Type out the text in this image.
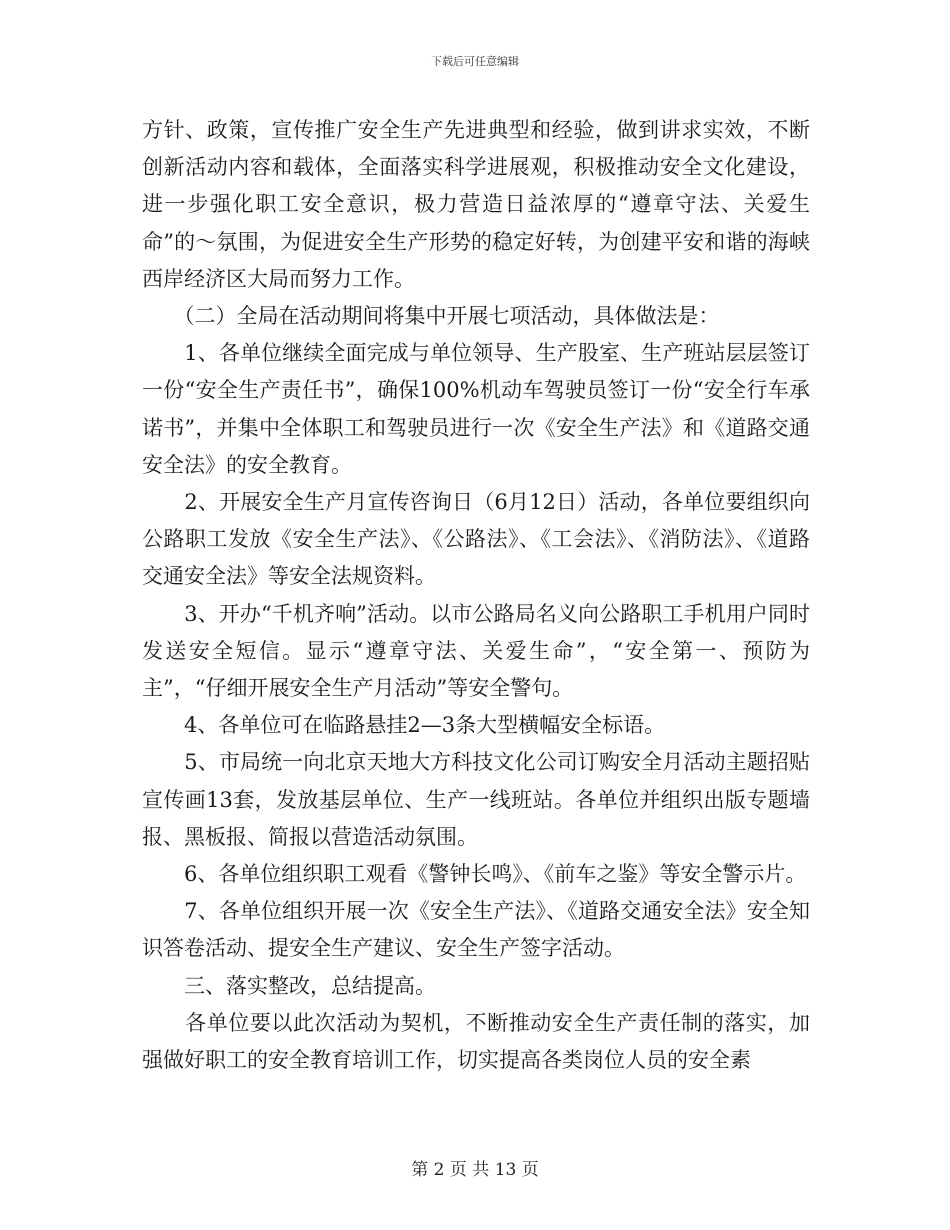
下载后可任意编辑

方针、政策，宣传推广安全生产先进典型和经验，做到讲求实效，不断创新活动内容和载体，全面落实科学进展观，积极推动安全文化建设，进一步强化职工安全意识，极力营造日益浓厚的“遵章守法、关爱生命”的～氛围，为促进安全生产形势的稳定好转，为创建平安和谐的海峡西岸经济区大局而努力工作。

　　（二）全局在活动期间将集中开展七项活动，具体做法是：

　　1、各单位继续全面完成与单位领导、生产股室、生产班站层层签订一份“安全生产责任书”，确保100%机动车驾驶员签订一份“安全行车承诺书”，并集中全体职工和驾驶员进行一次《安全生产法》和《道路交通安全法》的安全教育。

　　2、开展安全生产月宣传咨询日（6月12日）活动，各单位要组织向公路职工发放《安全生产法》、《公路法》、《工会法》、《消防法》、《道路交通安全法》等安全法规资料。

　　3、开办“千机齐响”活动。以市公路局名义向公路职工手机用户同时发送安全短信。显示“遵章守法、关爱生命”，“安全第一、预防为主”，“仔细开展安全生产月活动”等安全警句。

　　4、各单位可在临路悬挂2—3条大型横幅安全标语。

　　5、市局统一向北京天地大方科技文化公司订购安全月活动主题招贴宣传画13套，发放基层单位、生产一线班站。各单位并组织出版专题墙报、黑板报、简报以营造活动氛围。

　　6、各单位组织职工观看《警钟长鸣》、《前车之鉴》等安全警示片。

　　7、各单位组织开展一次《安全生产法》、《道路交通安全法》安全知识答卷活动、提安全生产建议、安全生产签字活动。

　　三、落实整改，总结提高。

　　各单位要以此次活动为契机，不断推动安全生产责任制的落实，加强做好职工的安全教育培训工作，切实提高各类岗位人员的安全素

第 2 页 共 13 页
